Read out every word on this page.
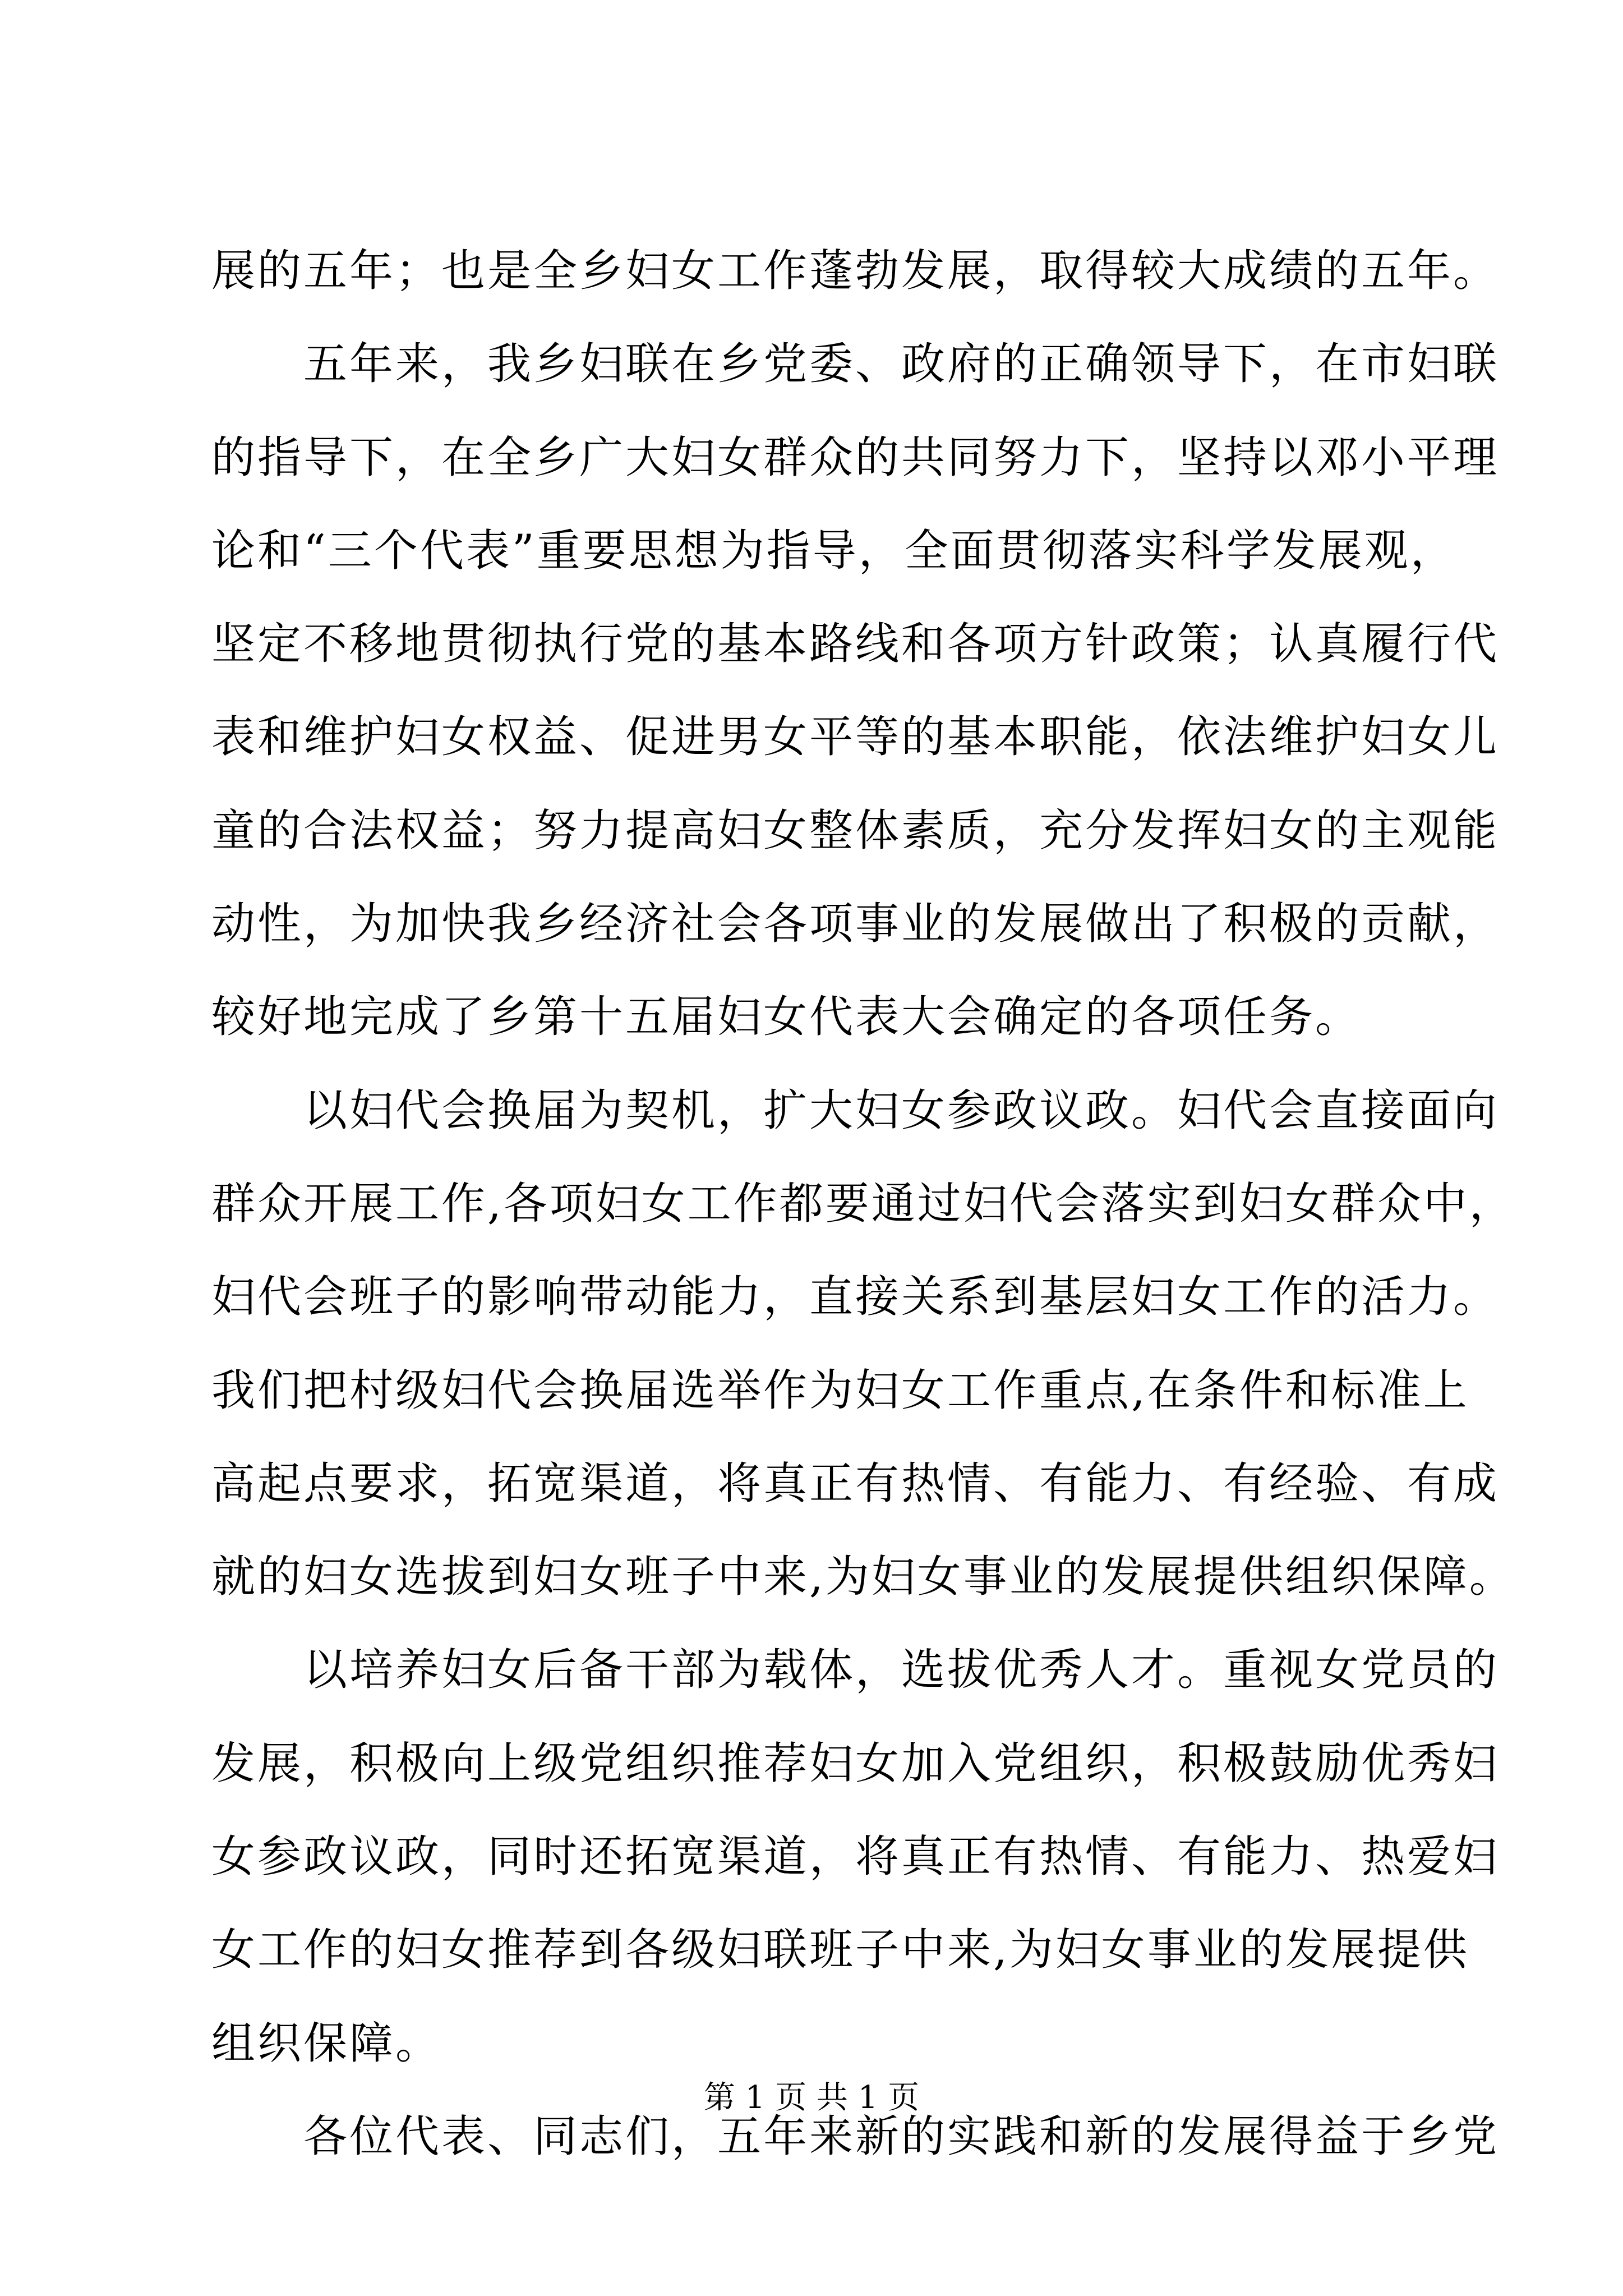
展的五年；也是全乡妇女工作蓬勃发展，取得较大成绩的五年。
　　五年来，我乡妇联在乡党委、政府的正确领导下，在市妇联
的指导下，在全乡广大妇女群众的共同努力下，坚持以邓小平理
论和“三个代表”重要思想为指导，全面贯彻落实科学发展观，
坚定不移地贯彻执行党的基本路线和各项方针政策；认真履行代
表和维护妇女权益、促进男女平等的基本职能，依法维护妇女儿
童的合法权益；努力提高妇女整体素质，充分发挥妇女的主观能
动性，为加快我乡经济社会各项事业的发展做出了积极的贡献，
较好地完成了乡第十五届妇女代表大会确定的各项任务。
　　以妇代会换届为契机，扩大妇女参政议政。妇代会直接面向
群众开展工作,各项妇女工作都要通过妇代会落实到妇女群众中，
妇代会班子的影响带动能力，直接关系到基层妇女工作的活力。
我们把村级妇代会换届选举作为妇女工作重点,在条件和标准上
高起点要求，拓宽渠道，将真正有热情、有能力、有经验、有成
就的妇女选拔到妇女班子中来,为妇女事业的发展提供组织保障。
　　以培养妇女后备干部为载体，选拔优秀人才。重视女党员的
发展，积极向上级党组织推荐妇女加入党组织，积极鼓励优秀妇
女参政议政，同时还拓宽渠道，将真正有热情、有能力、热爱妇
女工作的妇女推荐到各级妇联班子中来,为妇女事业的发展提供
组织保障。
　　各位代表、同志们，五年来新的实践和新的发展得益于乡党
第 1 页 共 1 页
